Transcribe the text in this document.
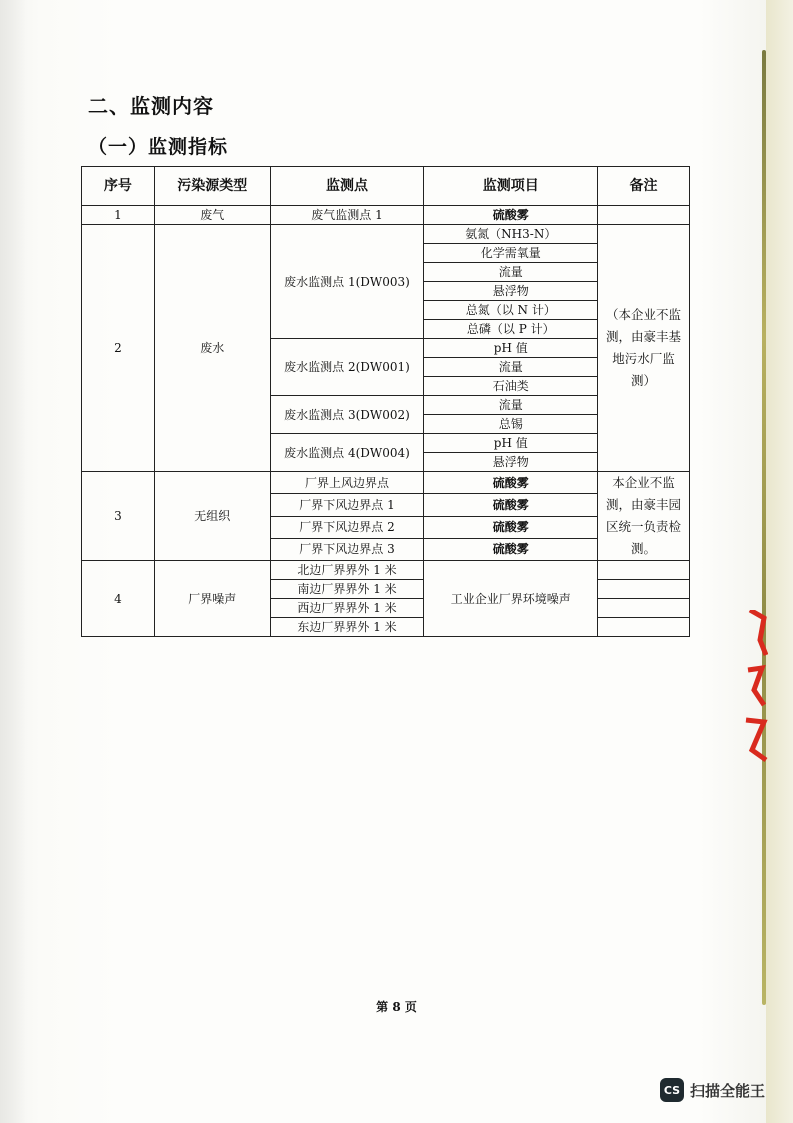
二、监测内容
（一）监测指标
序号	污染源类型	监测点	监测项目	备注
1	废气	废气监测点 1	硫酸雾	
2	废水	废水监测点 1(DW003)	氨氮（NH3-N）	（本企业不监测，由豪丰基地污水厂监测）
			化学需氧量	
			流量	
			悬浮物	
			总氮（以 N 计）	
			总磷（以 P 计）	
		废水监测点 2(DW001)	pH 值	
			流量	
			石油类	
		废水监测点 3(DW002)	流量	
			总锡	
		废水监测点 4(DW004)	pH 值	
			悬浮物	
3	无组织	厂界上风边界点	硫酸雾	本企业不监测，由豪丰园区统一负责检测。
		厂界下风边界点 1	硫酸雾	
		厂界下风边界点 2	硫酸雾	
		厂界下风边界点 3	硫酸雾	
4	厂界噪声	北边厂界界外 1 米	工业企业厂界环境噪声	
		南边厂界界外 1 米		
		西边厂界界外 1 米		
		东边厂界界外 1 米		
第 8 页
CS 扫描全能王
